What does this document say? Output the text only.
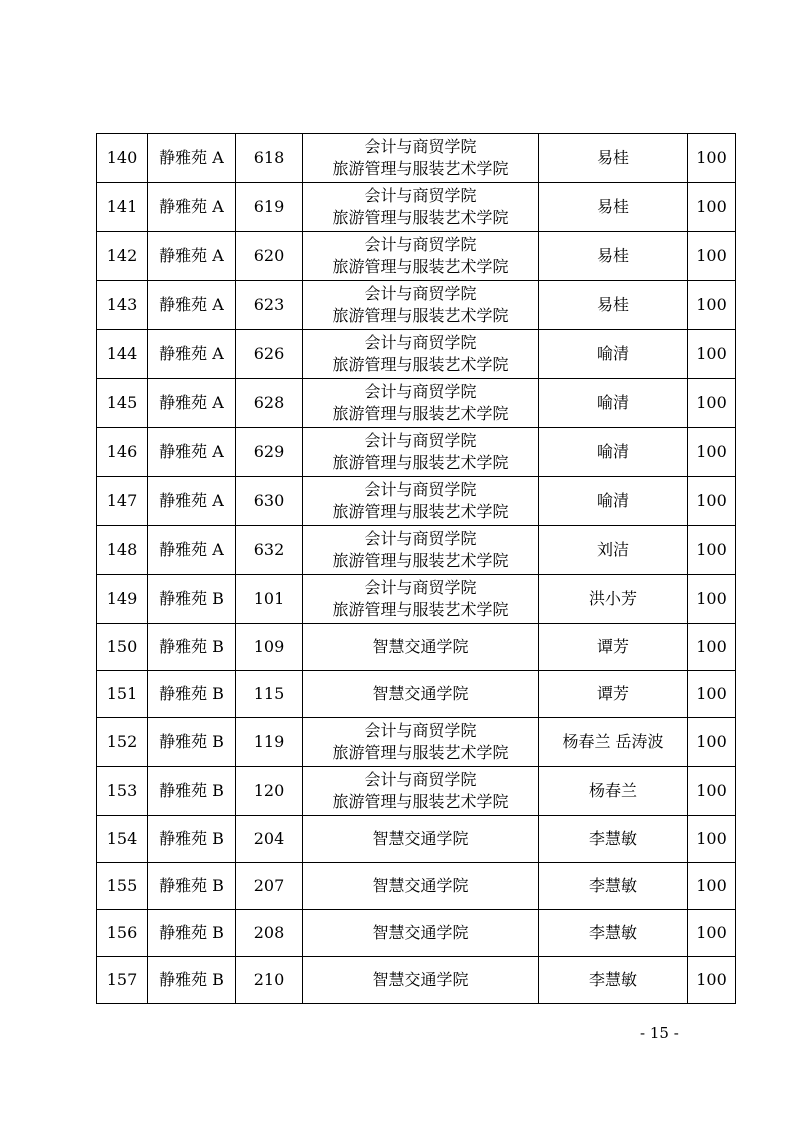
140	静雅苑 A	618	会计与商贸学院
旅游管理与服装艺术学院	易桂	100
141	静雅苑 A	619	会计与商贸学院
旅游管理与服装艺术学院	易桂	100
142	静雅苑 A	620	会计与商贸学院
旅游管理与服装艺术学院	易桂	100
143	静雅苑 A	623	会计与商贸学院
旅游管理与服装艺术学院	易桂	100
144	静雅苑 A	626	会计与商贸学院
旅游管理与服装艺术学院	喻清	100
145	静雅苑 A	628	会计与商贸学院
旅游管理与服装艺术学院	喻清	100
146	静雅苑 A	629	会计与商贸学院
旅游管理与服装艺术学院	喻清	100
147	静雅苑 A	630	会计与商贸学院
旅游管理与服装艺术学院	喻清	100
148	静雅苑 A	632	会计与商贸学院
旅游管理与服装艺术学院	刘洁	100
149	静雅苑 B	101	会计与商贸学院
旅游管理与服装艺术学院	洪小芳	100
150	静雅苑 B	109	智慧交通学院	谭芳	100
151	静雅苑 B	115	智慧交通学院	谭芳	100
152	静雅苑 B	119	会计与商贸学院
旅游管理与服装艺术学院	杨春兰 岳涛波	100
153	静雅苑 B	120	会计与商贸学院
旅游管理与服装艺术学院	杨春兰	100
154	静雅苑 B	204	智慧交通学院	李慧敏	100
155	静雅苑 B	207	智慧交通学院	李慧敏	100
156	静雅苑 B	208	智慧交通学院	李慧敏	100
157	静雅苑 B	210	智慧交通学院	李慧敏	100
- 15 -
